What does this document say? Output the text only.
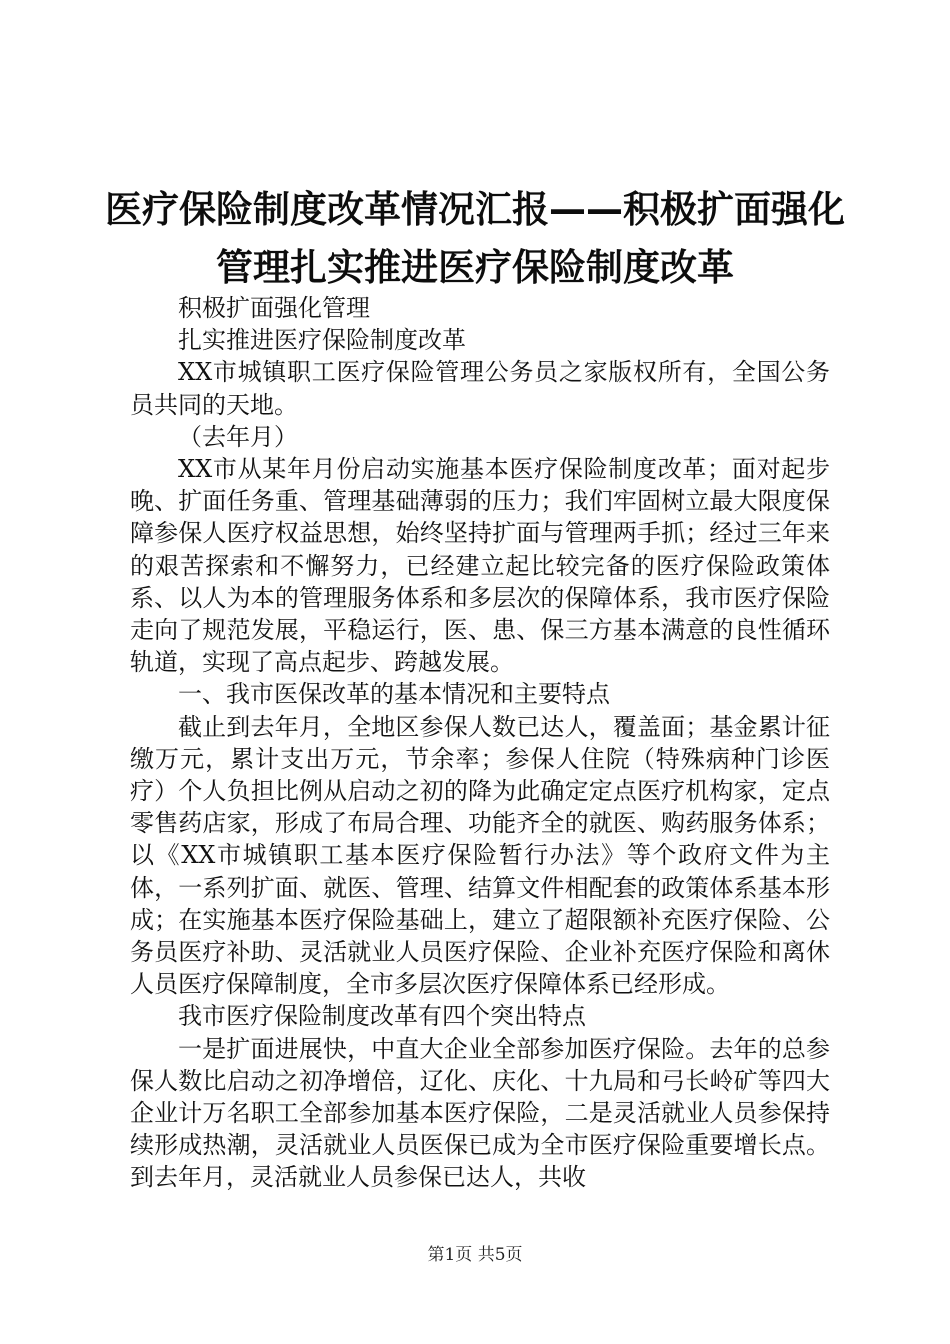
医疗保险制度改革情况汇报——积极扩面强化
管理扎实推进医疗保险制度改革

积极扩面强化管理

扎实推进医疗保险制度改革

XX市城镇职工医疗保险管理公务员之家版权所有，全国公务员共同的天地。

（去年月）

XX市从某年月份启动实施基本医疗保险制度改革；面对起步晚、扩面任务重、管理基础薄弱的压力；我们牢固树立最大限度保障参保人医疗权益思想，始终坚持扩面与管理两手抓；经过三年来的艰苦探索和不懈努力，已经建立起比较完备的医疗保险政策体系、以人为本的管理服务体系和多层次的保障体系，我市医疗保险走向了规范发展，平稳运行，医、患、保三方基本满意的良性循环轨道，实现了高点起步、跨越发展。

一、我市医保改革的基本情况和主要特点

截止到去年月，全地区参保人数已达人，覆盖面；基金累计征缴万元，累计支出万元，节余率；参保人住院（特殊病种门诊医疗）个人负担比例从启动之初的降为此确定定点医疗机构家，定点零售药店家，形成了布局合理、功能齐全的就医、购药服务体系；以《XX市城镇职工基本医疗保险暂行办法》等个政府文件为主体，一系列扩面、就医、管理、结算文件相配套的政策体系基本形成；在实施基本医疗保险基础上，建立了超限额补充医疗保险、公务员医疗补助、灵活就业人员医疗保险、企业补充医疗保险和离休人员医疗保障制度，全市多层次医疗保障体系已经形成。

我市医疗保险制度改革有四个突出特点

一是扩面进展快，中直大企业全部参加医疗保险。去年的总参保人数比启动之初净增倍，辽化、庆化、十九局和弓长岭矿等四大企业计万名职工全部参加基本医疗保险，二是灵活就业人员参保持续形成热潮，灵活就业人员医保已成为全市医疗保险重要增长点。到去年月，灵活就业人员参保已达人，共收

第1页 共5页
